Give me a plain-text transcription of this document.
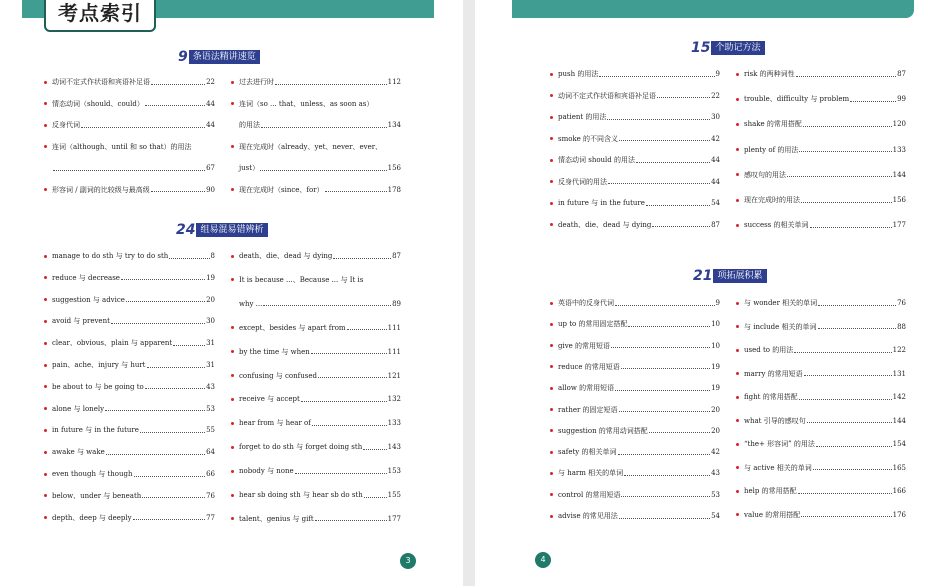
考点索引
9 条语法精讲速览
动词不定式作状语和宾语补足语	22
情态动词（should、could）	44
反身代词	44
连词（although、until 和 so that）的用法
67
形容词 / 副词的比较级与最高级	90
过去进行时	112
连词（so ... that、unless、as soon as）
的用法	134
现在完成时（already、yet、never、ever、
just）	156
现在完成时（since、for）	178
24 组易混易错辨析
manage to do sth 与 try to do sth	8
reduce 与 decrease	19
suggestion 与 advice	20
avoid 与 prevent	30
clear、obvious、plain 与 apparent	31
pain、ache、injury 与 hurt	31
be about to 与 be going to	43
alone 与 lonely	53
in future 与 in the future	55
awake 与 wake	64
even though 与 though	66
below、under 与 beneath	76
depth、deep 与 deeply	77
death、die、dead 与 dying	87
It is because ...、Because ... 与 It is
why ...	89
except、besides 与 apart from	111
by the time 与 when	111
confusing 与 confused	121
receive 与 accept	132
hear from 与 hear of	133
forget to do sth 与 forget doing sth	143
nobody 与 none	153
hear sb doing sth 与 hear sb do sth	155
talent、genius 与 gift	177
3
15 个助记方法
push 的用法	9
动词不定式作状语和宾语补足语	22
patient 的用法	30
smoke 的不同含义	42
情态动词 should 的用法	44
反身代词的用法	44
in future 与 in the future	54
death、die、dead 与 dying	87
risk 的两种词性	87
trouble、difficulty 与 problem	99
shake 的常用搭配	120
plenty of 的用法	133
感叹句的用法	144
现在完成时的用法	156
success 的相关单词	177
21 项拓展积累
英语中的反身代词	9
up to 的常用固定搭配	10
give 的常用短语	10
reduce 的常用短语	19
allow 的常用短语	19
rather 的固定短语	20
suggestion 的常用动词搭配	20
safety 的相关单词	42
与 harm 相关的单词	43
control 的常用短语	53
advise 的常见用法	54
与 wonder 相关的单词	76
与 include 相关的单词	88
used to 的用法	122
marry 的常用短语	131
fight 的常用搭配	142
what 引导的感叹句	144
“the+ 形容词” 的用法	154
与 active 相关的单词	165
help 的常用搭配	166
value 的常用搭配	176
4
